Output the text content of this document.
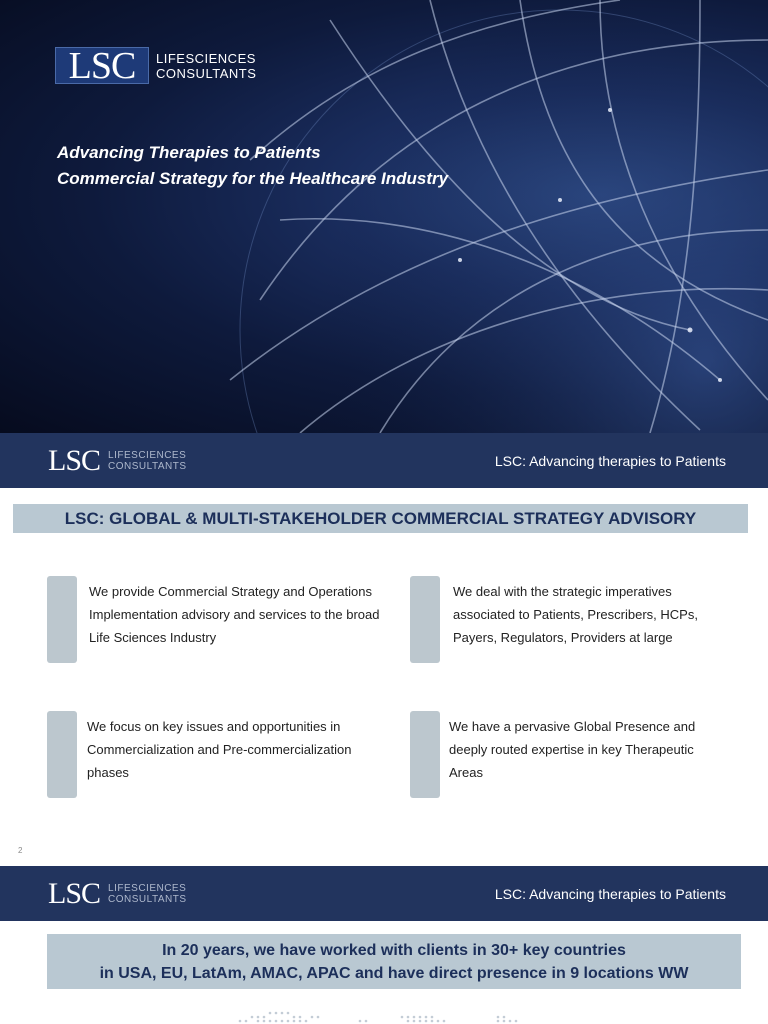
LSC	LIFESCIENCES
CONSULTANTS
Advancing Therapies to Patients
Commercial Strategy for the Healthcare Industry
LSC LIFESCIENCES
CONSULTANTS	LSC: Advancing therapies to Patients
LSC: GLOBAL & MULTI-STAKEHOLDER COMMERCIAL STRATEGY ADVISORY
We provide Commercial Strategy and Operations
Implementation advisory and services to the broad
Life Sciences Industry
We deal with the strategic imperatives
associated to Patients, Prescribers, HCPs,
Payers, Regulators, Providers at large
We focus on key issues and opportunities in
Commercialization and Pre-commercialization
phases
We have a pervasive Global Presence and
deeply routed expertise in key Therapeutic
Areas
2
LSC LIFESCIENCES
CONSULTANTS	LSC: Advancing therapies to Patients
In 20 years, we have worked with clients in 30+ key countries
in USA, EU, LatAm, AMAC, APAC and have direct presence in 9 locations WW
